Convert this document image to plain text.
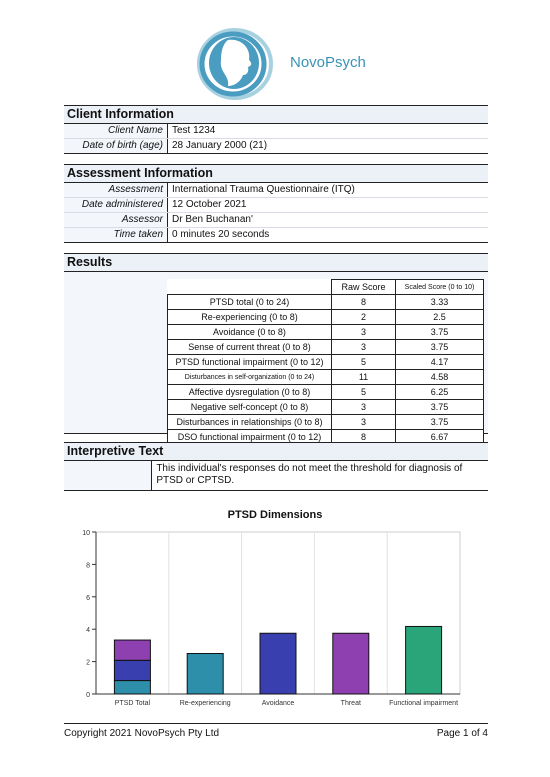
NovoPsych
Client Information
Client Name Test 1234
Date of birth (age) 28 January 2000 (21)
Assessment Information
Assessment International Trauma Questionnaire (ITQ)
Date administered 12 October 2021
Assessor Dr Ben Buchanan'
Time taken 0 minutes 20 seconds
Results
	Raw Score	Scaled Score (0 to 10)
PTSD total (0 to 24)	8	3.33
Re-experiencing (0 to 8)	2	2.5
Avoidance (0 to 8)	3	3.75
Sense of current threat (0 to 8)	3	3.75
PTSD functional impairment (0 to 12)	5	4.17
Disturbances in self-organization (0 to 24)	11	4.58
Affective dysregulation (0 to 8)	5	6.25
Negative self-concept (0 to 8)	3	3.75
Disturbances in relationships (0 to 8)	3	3.75
DSO functional impairment (0 to 12)	8	6.67
Interpretive Text
This individual's responses do not meet the threshold for diagnosis of PTSD or CPTSD.
PTSD Dimensions
0
2
4
6
8
10
PTSD Total	Re-experiencing	Avoidance	Threat	Functional impairment
Copyright 2021 NovoPsych Pty Ltd	Page 1 of 4
